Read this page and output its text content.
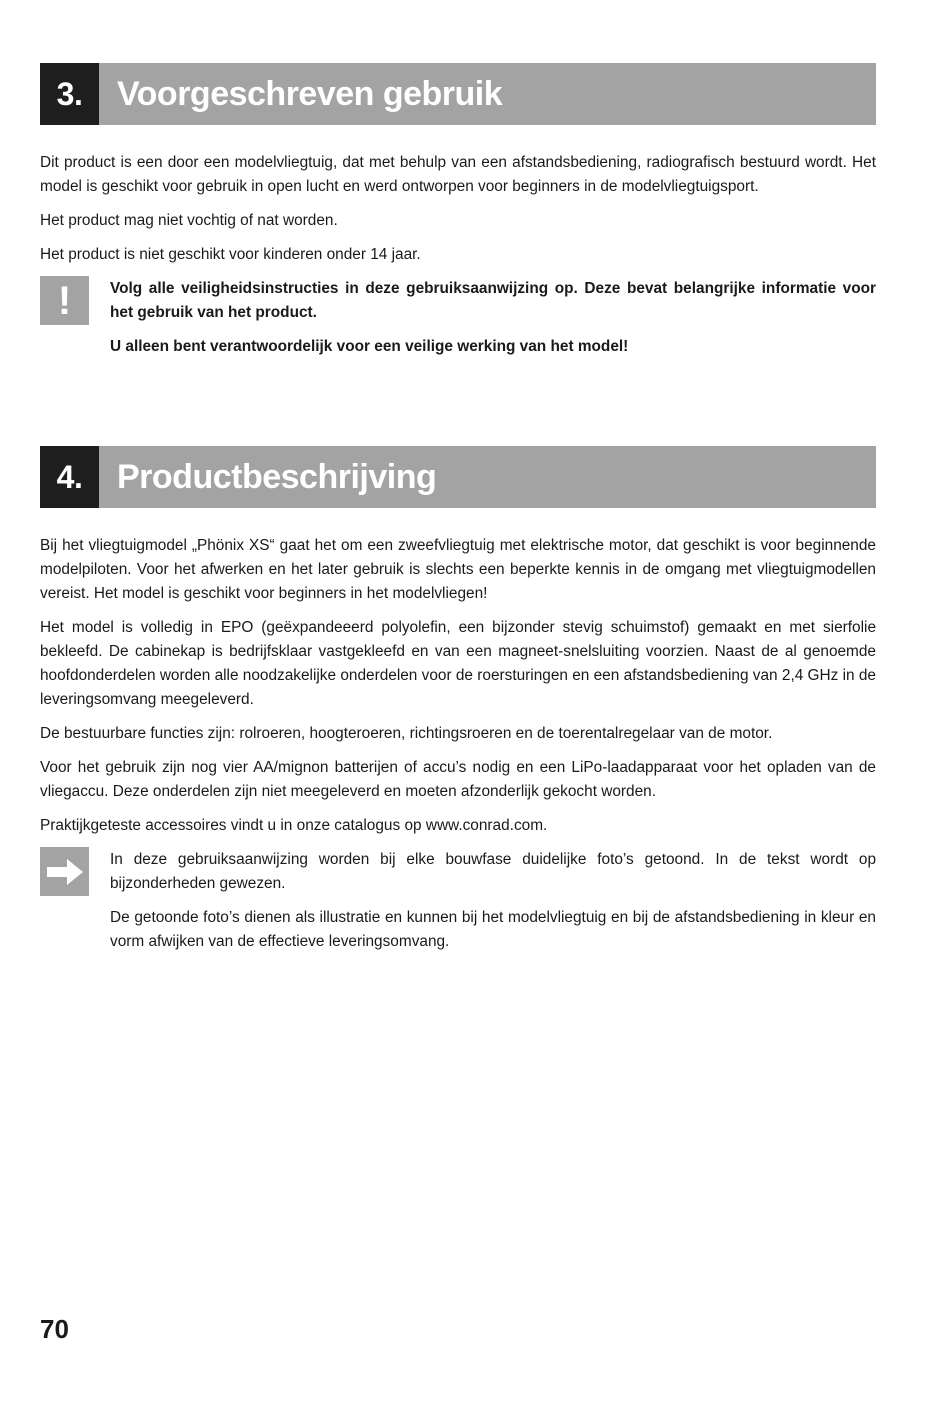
3.	Voorgeschreven gebruik

Dit product is een door een modelvliegtuig, dat met behulp van een afstandsbediening, radiografisch bestuurd wordt. Het model is geschikt voor gebruik in open lucht en werd ontworpen voor beginners in de modelvliegtuigsport.

Het product mag niet vochtig of nat worden.

Het product is niet geschikt voor kinderen onder 14 jaar.

!	Volg alle veiligheidsinstructies in deze gebruiksaanwijzing op. Deze bevat belangrijke informatie voor het gebruik van het product.

U alleen bent verantwoordelijk voor een veilige werking van het model!

4.	Productbeschrijving

Bij het vliegtuigmodel „Phönix XS“ gaat het om een zweefvliegtuig met elektrische motor, dat geschikt is voor beginnende modelpiloten. Voor het afwerken en het later gebruik is slechts een beperkte kennis in de omgang met vliegtuigmodellen vereist. Het model is geschikt voor beginners in het modelvliegen!

Het model is volledig in EPO (geëxpandeeerd polyolefin, een bijzonder stevig schuimstof) gemaakt en met sierfolie bekleefd. De cabinekap is bedrijfsklaar vastgekleefd en van een magneet-snelsluiting voorzien. Naast de al genoemde hoofdonderdelen worden alle noodzakelijke onderdelen voor de roersturingen en een afstandsbediening van 2,4 GHz in de leveringsomvang meegeleverd.

De bestuurbare functies zijn: rolroeren, hoogteroeren, richtingsroeren en de toerentalregelaar van de motor.

Voor het gebruik zijn nog vier AA/mignon batterijen of accu’s nodig en een LiPo-laadapparaat voor het opladen van de vliegaccu. Deze onderdelen zijn niet meegeleverd en moeten afzonderlijk gekocht worden.

Praktijkgeteste accessoires vindt u in onze catalogus op www.conrad.com.

In deze gebruiksaanwijzing worden bij elke bouwfase duidelijke foto’s getoond. In de tekst wordt op bijzonderheden gewezen.

De getoonde foto’s dienen als illustratie en kunnen bij het modelvliegtuig en bij de afstandsbediening in kleur en vorm afwijken van de effectieve leveringsomvang.

70
